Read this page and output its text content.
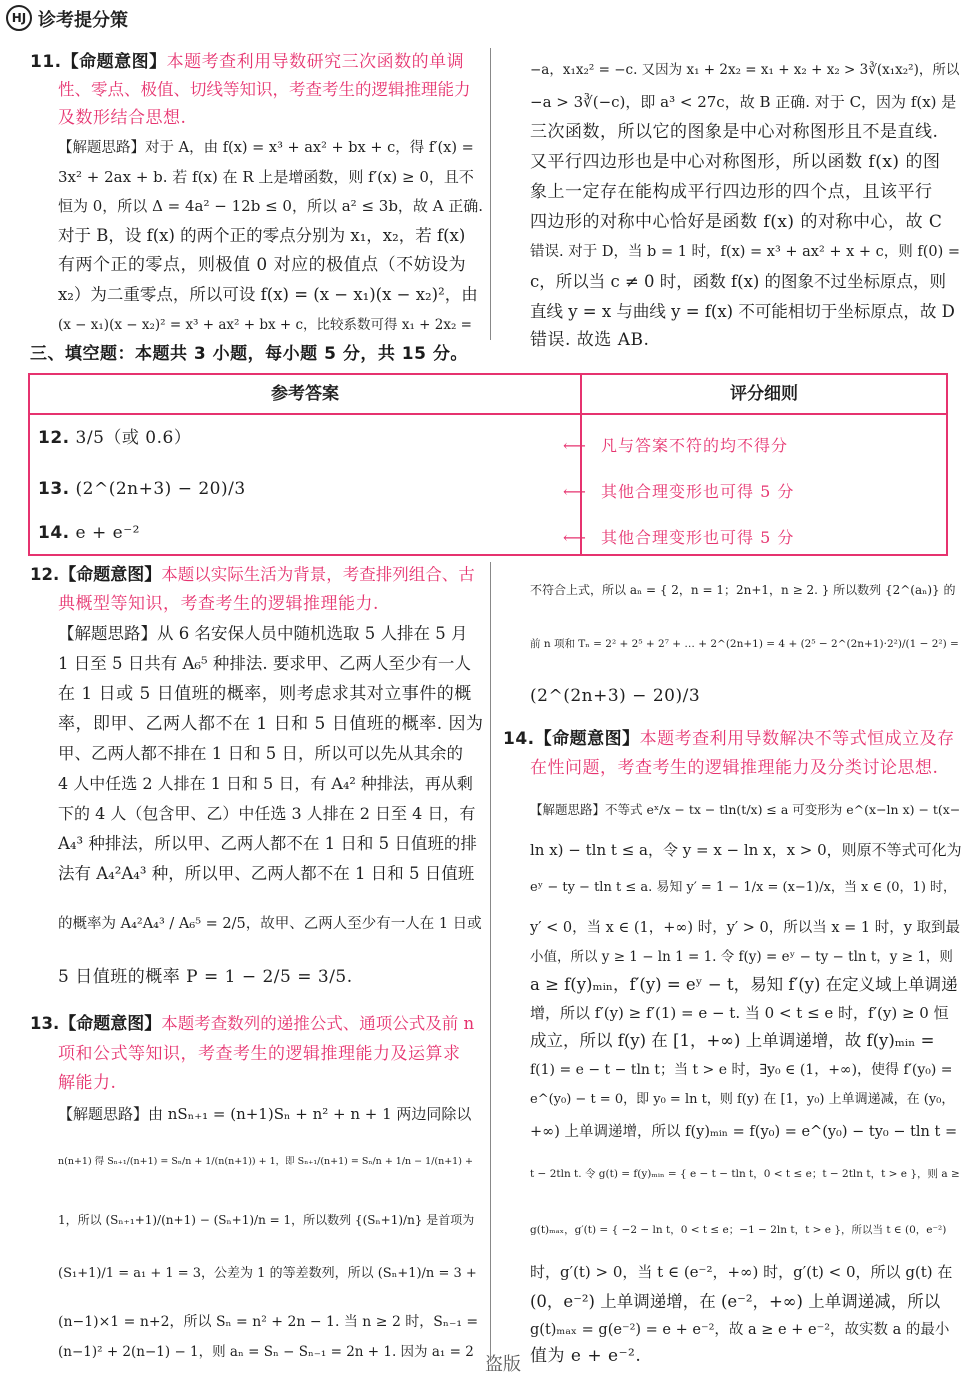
HJ 诊考提分策
11.【命题意图】本题考查利用导数研究三次函数的单调
性、零点、极值、切线等知识，考查考生的逻辑推理能力
及数形结合思想.
【解题思路】对于 A，由 f(x) = x³ + ax² + bx + c，得 f′(x) =
3x² + 2ax + b. 若 f(x) 在 R 上是增函数，则 f′(x) ≥ 0，且不
恒为 0，所以 Δ = 4a² − 12b ≤ 0，所以 a² ≤ 3b，故 A 正确.
对于 B，设 f(x) 的两个正的零点分别为 x₁，x₂，若 f(x)
有两个正的零点，则极值 0 对应的极值点（不妨设为
x₂）为二重零点，所以可设 f(x) = (x − x₁)(x − x₂)²，由
(x − x₁)(x − x₂)² = x³ + ax² + bx + c，比较系数可得 x₁ + 2x₂ =
−a，x₁x₂² = −c. 又因为 x₁ + 2x₂ = x₁ + x₂ + x₂ > 3∛(x₁x₂²)，所以
−a > 3∛(−c)，即 a³ < 27c，故 B 正确. 对于 C，因为 f(x) 是
三次函数，所以它的图象是中心对称图形且不是直线.
又平行四边形也是中心对称图形，所以函数 f(x) 的图
象上一定存在能构成平行四边形的四个点，且该平行
四边形的对称中心恰好是函数 f(x) 的对称中心，故 C
错误. 对于 D，当 b = 1 时，f(x) = x³ + ax² + x + c，则 f(0) =
c，所以当 c ≠ 0 时，函数 f(x) 的图象不过坐标原点，则
直线 y = x 与曲线 y = f(x) 不可能相切于坐标原点，故 D
错误. 故选 AB.
三、填空题：本题共 3 小题，每小题 5 分，共 15 分。
参考答案	评分细则
12. 3/5（或 0.6）
13. (2^(2n+3) − 20)/3
14. e + e⁻²
⟵ 凡与答案不符的均不得分
⟵ 其他合理变形也可得 5 分
⟵ 其他合理变形也可得 5 分
12.【命题意图】本题以实际生活为背景，考查排列组合、古
典概型等知识，考查考生的逻辑推理能力.
【解题思路】从 6 名安保人员中随机选取 5 人排在 5 月
1 日至 5 日共有 A₆⁵ 种排法. 要求甲、乙两人至少有一人
在 1 日或 5 日值班的概率，则考虑求其对立事件的概
率，即甲、乙两人都不在 1 日和 5 日值班的概率. 因为
甲、乙两人都不排在 1 日和 5 日，所以可以先从其余的
4 人中任选 2 人排在 1 日和 5 日，有 A₄² 种排法，再从剩
下的 4 人（包含甲、乙）中任选 3 人排在 2 日至 4 日，有
A₄³ 种排法，所以甲、乙两人都不在 1 日和 5 日值班的排
法有 A₄²A₄³ 种，所以甲、乙两人都不在 1 日和 5 日值班
的概率为 A₄²A₄³ / A₆⁵ = 2/5，故甲、乙两人至少有一人在 1 日或
5 日值班的概率 P = 1 − 2/5 = 3/5.
13.【命题意图】本题考查数列的递推公式、通项公式及前 n
项和公式等知识，考查考生的逻辑推理能力及运算求
解能力.
【解题思路】由 nSₙ₊₁ = (n+1)Sₙ + n² + n + 1 两边同除以
n(n+1) 得 Sₙ₊₁/(n+1) = Sₙ/n + 1/(n(n+1)) + 1，即 Sₙ₊₁/(n+1) = Sₙ/n + 1/n − 1/(n+1) +
1，所以 (Sₙ₊₁+1)/(n+1) − (Sₙ+1)/n = 1，所以数列 {(Sₙ+1)/n} 是首项为
(S₁+1)/1 = a₁ + 1 = 3，公差为 1 的等差数列，所以 (Sₙ+1)/n = 3 +
(n−1)×1 = n+2，所以 Sₙ = n² + 2n − 1. 当 n ≥ 2 时，Sₙ₋₁ =
(n−1)² + 2(n−1) − 1，则 aₙ = Sₙ − Sₙ₋₁ = 2n + 1. 因为 a₁ = 2
不符合上式，所以 aₙ = { 2，n = 1；2n+1，n ≥ 2. } 所以数列 {2^(aₙ)} 的
前 n 项和 Tₙ = 2² + 2⁵ + 2⁷ + … + 2^(2n+1) = 4 + (2⁵ − 2^(2n+1)·2²)/(1 − 2²) =
(2^(2n+3) − 20)/3
14.【命题意图】本题考查利用导数解决不等式恒成立及存
在性问题，考查考生的逻辑推理能力及分类讨论思想.
【解题思路】不等式 eˣ/x − tx − tln(t/x) ≤ a 可变形为 e^(x−ln x) − t(x−
ln x) − tln t ≤ a，令 y = x − ln x，x > 0，则原不等式可化为
eʸ − ty − tln t ≤ a. 易知 y′ = 1 − 1/x = (x−1)/x，当 x ∈ (0，1) 时，
y′ < 0，当 x ∈ (1，+∞) 时，y′ > 0，所以当 x = 1 时，y 取到最
小值，所以 y ≥ 1 − ln 1 = 1. 令 f(y) = eʸ − ty − tln t，y ≥ 1，则
a ≥ f(y)ₘᵢₙ，f′(y) = eʸ − t，易知 f′(y) 在定义域上单调递
增，所以 f′(y) ≥ f′(1) = e − t. 当 0 < t ≤ e 时，f′(y) ≥ 0 恒
成立，所以 f(y) 在 [1，+∞) 上单调递增，故 f(y)ₘᵢₙ =
f(1) = e − t − tln t；当 t > e 时，∃y₀ ∈ (1，+∞)，使得 f′(y₀) =
e^(y₀) − t = 0，即 y₀ = ln t，则 f(y) 在 [1，y₀) 上单调递减，在 (y₀，
+∞) 上单调递增，所以 f(y)ₘᵢₙ = f(y₀) = e^(y₀) − ty₀ − tln t =
t − 2tln t. 令 g(t) = f(y)ₘᵢₙ = { e − t − tln t，0 < t ≤ e；t − 2tln t，t > e }，则 a ≥
g(t)ₘₐₓ，g′(t) = { −2 − ln t，0 < t ≤ e；−1 − 2ln t，t > e }，所以当 t ∈ (0，e⁻²)
时，g′(t) > 0，当 t ∈ (e⁻²，+∞) 时，g′(t) < 0，所以 g(t) 在
(0，e⁻²) 上单调递增，在 (e⁻²，+∞) 上单调递减，所以
g(t)ₘₐₓ = g(e⁻²) = e + e⁻²，故 a ≥ e + e⁻²，故实数 a 的最小
值为 e + e⁻².
盗版
